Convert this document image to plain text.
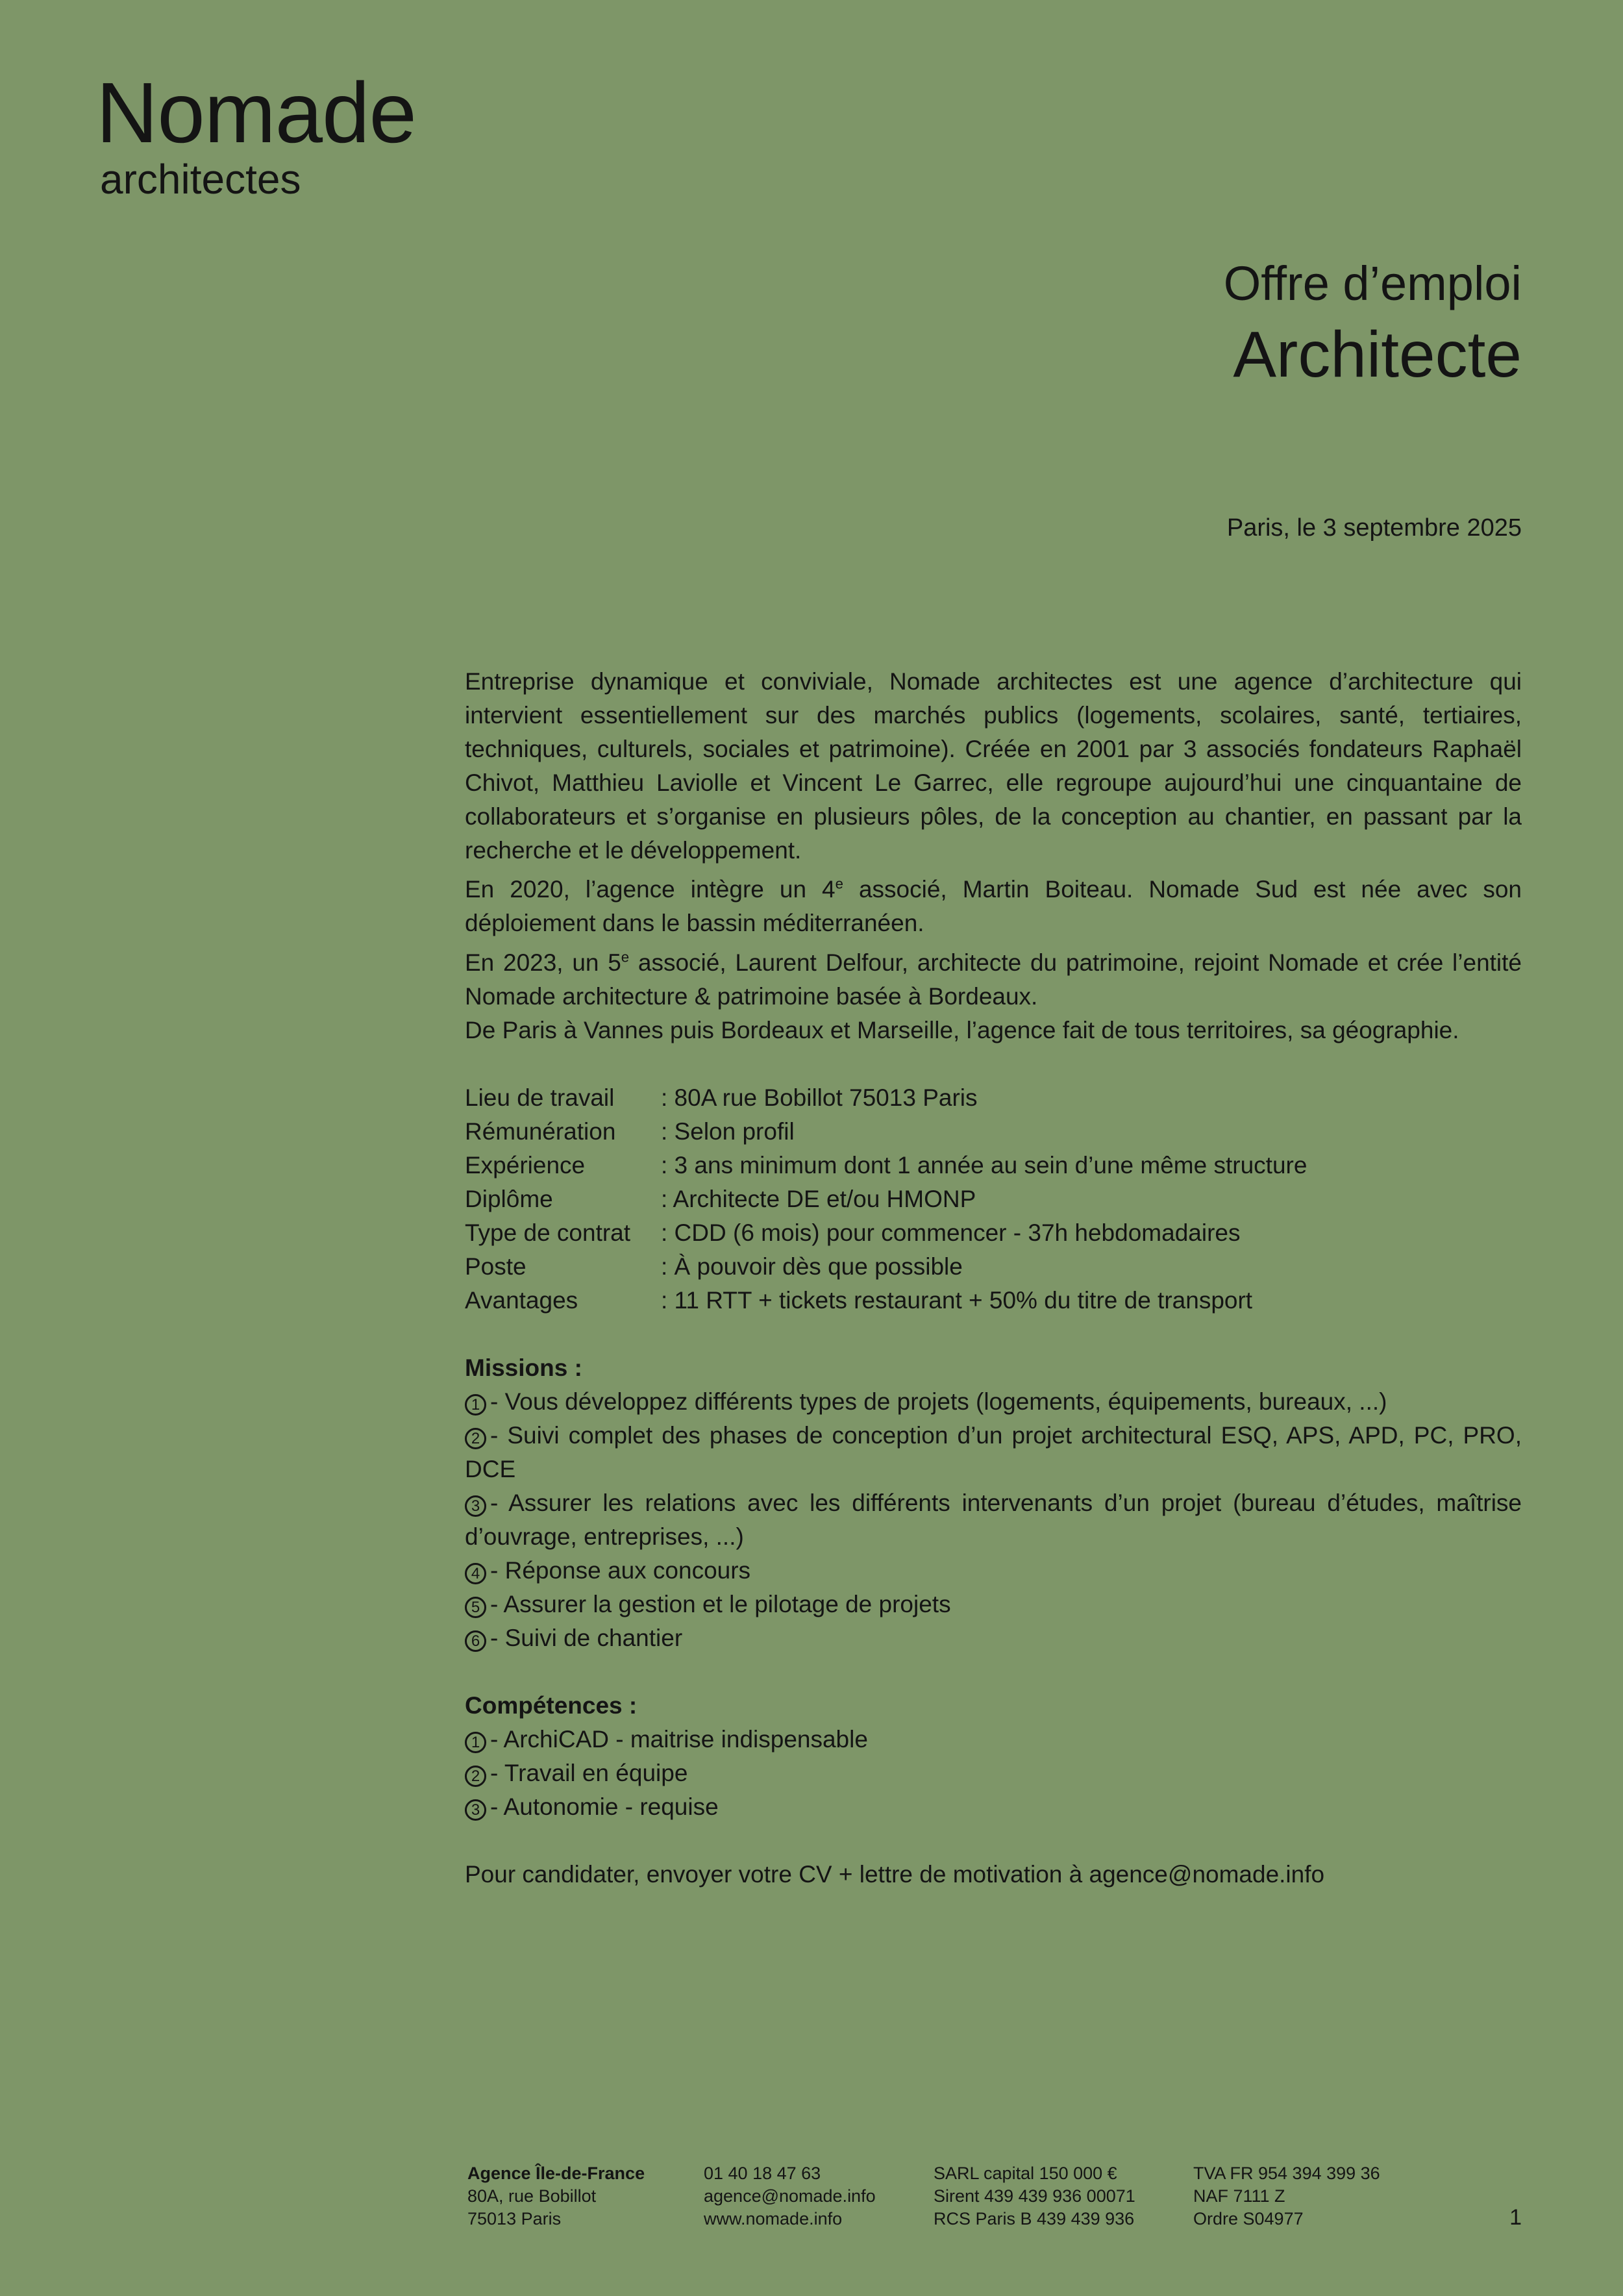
Nomade
architectes
Offre d’emploi
Architecte
Paris, le 3 septembre 2025

Entreprise dynamique et conviviale, Nomade architectes est une agence d’architecture qui intervient essentiellement sur des marchés publics (logements, scolaires, santé, tertiaires, techniques, culturels, sociales et patrimoine). Créée en 2001 par 3 associés fondateurs Raphaël Chivot, Matthieu Laviolle et Vincent Le Garrec, elle regroupe aujourd’hui une cinquantaine de collaborateurs et s’organise en plusieurs pôles, de la conception au chantier, en passant par la recherche et le développement.

En 2020, l’agence intègre un 4e associé, Martin Boiteau. Nomade Sud est née avec son déploiement dans le bassin méditerranéen.

En 2023, un 5e associé, Laurent Delfour, architecte du patrimoine, rejoint Nomade et crée l’entité Nomade architecture & patrimoine basée à Bordeaux.

De Paris à Vannes puis Bordeaux et Marseille, l’agence fait de tous territoires, sa géographie.

Lieu de travail	: 80A rue Bobillot 75013 Paris
Rémunération	: Selon profil
Expérience	: 3 ans minimum dont 1 année au sein d’une même structure
Diplôme	: Architecte DE et/ou HMONP
Type de contrat	: CDD (6 mois) pour commencer - 37h hebdomadaires
Poste	: À pouvoir dès que possible
Avantages	: 11 RTT + tickets restaurant + 50% du titre de transport
Missions :
1 - Vous développez différents types de projets (logements, équipements, bureaux, ...)
2 - Suivi complet des phases de conception d’un projet architectural ESQ, APS, APD, PC, PRO, DCE
3 - Assurer les relations avec les différents intervenants d’un projet (bureau d’études, maîtrise d’ouvrage, entreprises, ...)
4 - Réponse aux concours
5 - Assurer la gestion et le pilotage de projets
6 - Suivi de chantier
Compétences :
1 - ArchiCAD - maitrise indispensable
2 - Travail en équipe
3 - Autonomie - requise
Pour candidater, envoyer votre CV + lettre de motivation à agence@nomade.info
Agence Île-de-France
80A, rue Bobillot
75013 Paris
01 40 18 47 63
agence@nomade.info
www.nomade.info
SARL capital 150 000 €
Sirent 439 439 936 00071
RCS Paris B 439 439 936
TVA FR 954 394 399 36
NAF 7111 Z
Ordre S04977	1
